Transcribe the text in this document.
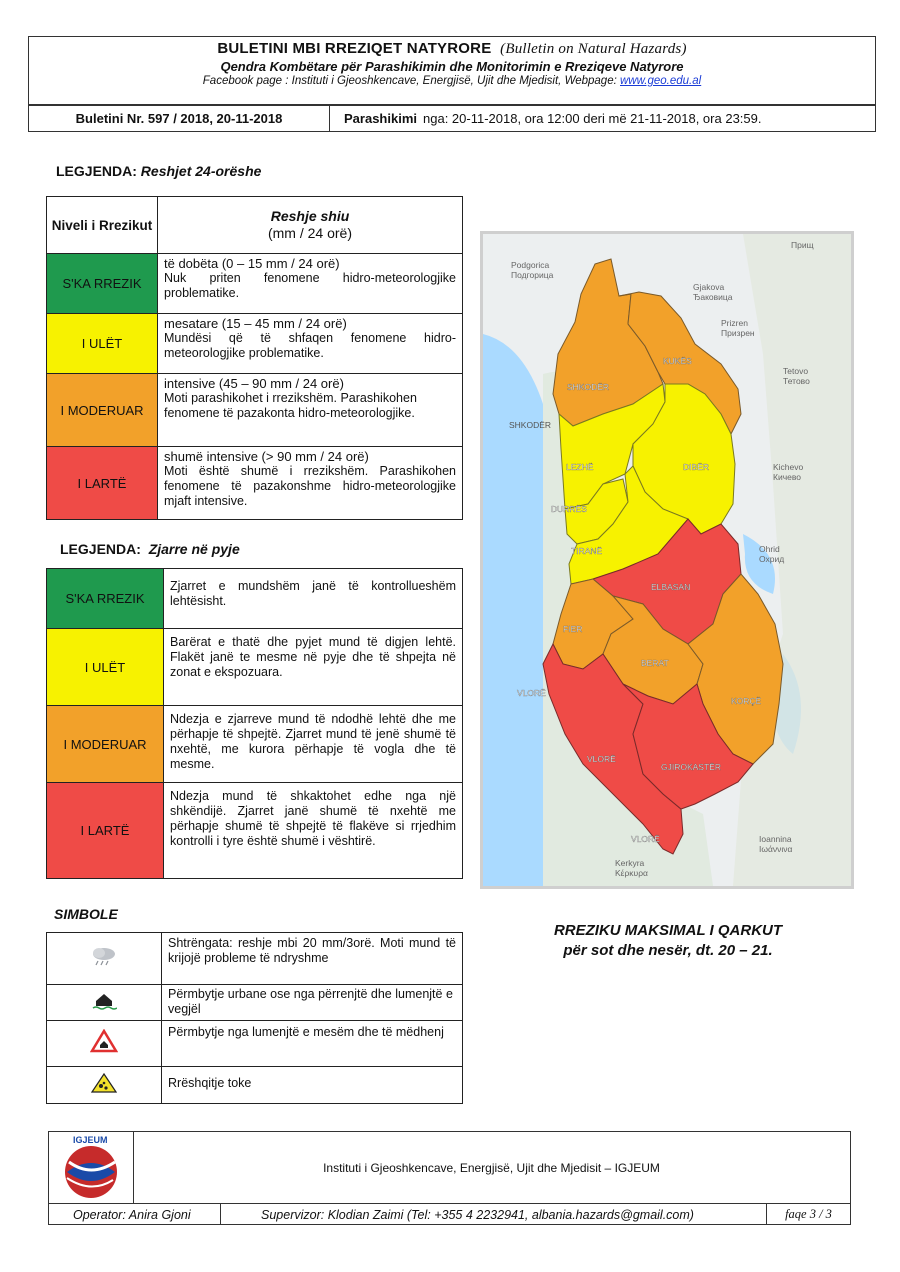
BULETINI MBI RREZIQET NATYRORE (Bulletin on Natural Hazards)
Qendra Kombëtare për Parashikimin dhe Monitorimin e Rreziqeve Natyrore
Facebook page : Instituti i Gjeoshkencave, Energjisë, Ujit dhe Mjedisit, Webpage: www.geo.edu.al
Buletini Nr. 597 / 2018, 20-11-2018	Parashikimi nga: 20-11-2018, ora 12:00 deri më 21-11-2018, ora 23:59.
LEGJENDA: Reshjet 24-orëshe
Niveli i Rrezikut	Reshje shiu
(mm / 24 orë)
S'KA RREZIK	të dobëta (0 – 15 mm / 24 orë)
Nuk priten fenomene hidro-meteorologjike problematike.

I ULËT	mesatare (15 – 45 mm / 24 orë)
Mundësi që të shfaqen fenomene hidro-meteorologjike problematike.

I MODERUAR	intensive (45 – 90 mm / 24 orë)
Moti parashikohet i rrezikshëm. Parashikohen fenomene të pazakonta hidro-meteorologjike.

I LARTË	shumë intensive (> 90 mm / 24 orë)
Moti është shumë i rrezikshëm. Parashikohen fenomene të pazakonshme hidro-meteorologjike mjaft intensive.
LEGJENDA: Zjarre në pyje
S'KA RREZIK	Zjarret e mundshëm janë të kontrollueshëm lehtësisht.
I ULËT	Barërat e thatë dhe pyjet mund të digjen lehtë. Flakët janë te mesme në pyje dhe të shpejta në zonat e ekspozuara.
I MODERUAR	Ndezja e zjarreve mund të ndodhë lehtë dhe me përhapje të shpejtë. Zjarret mund të jenë shumë të nxehtë, me kurora përhapje të vogla dhe të mesme.
I LARTË	Ndezja mund të shkaktohet edhe nga një shkëndijë. Zjarret janë shumë të nxehtë me përhapje shumë të shpejtë të flakëve si rrjedhim kontrolli i tyre është shumë i vështirë.
SIMBOLE
	Shtrëngata: reshje mbi 20 mm/3orë. Moti mund të krijojë probleme të ndryshme
	Përmbytje urbane ose nga përrenjtë dhe lumenjtë e vegjël
	Përmbytje nga lumenjtë e mesëm dhe të mëdhenj
	Rrëshqitje toke
Podgorica
Подгорица
Gjakova
Ђаковица
Prizren
Призрен
Прищ
Tetovo
Тетово
Kichevo
Кичево
Ohrid
Охрид
Ioannina
Ιωάννινα
Kerkyra
Κέρκυρα
SHKODËR
SHKODËR
KUKËS
LEZHË	DIBËR
DURRËS
TIRANË
ELBASAN
FIER
BERAT
KORÇË
VLORË
VLORË
GJIROKASTËR
VLORË
RREZIKU MAKSIMAL I QARKUT
për sot dhe nesër, dt. 20 – 21.
IGJEUM
Instituti i Gjeoshkencave, Energjisë, Ujit dhe Mjedisit – IGJEUM
Operator: Anira Gjoni	Supervizor: Klodian Zaimi (Tel: +355 4 2232941, albania.hazards@gmail.com)	faqe 3 / 3
